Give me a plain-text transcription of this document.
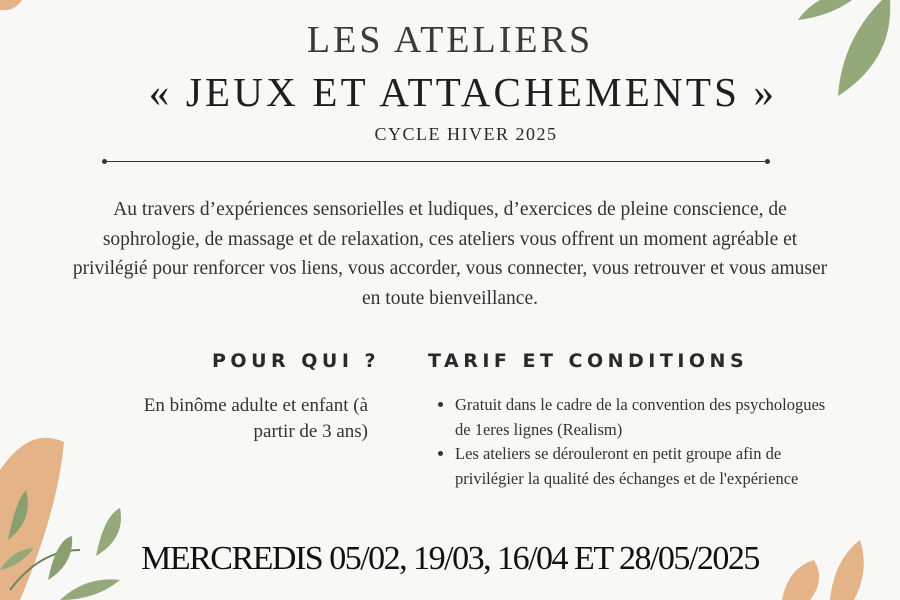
LES ATELIERS
« JEUX ET ATTACHEMENTS »
CYCLE HIVER 2025
Au travers d’expériences sensorielles et ludiques, d’exercices de pleine conscience, de sophrologie, de massage et de relaxation, ces ateliers vous offrent un moment agréable et privilégié pour renforcer vos liens, vous accorder, vous connecter, vous retrouver et vous amuser en toute bienveillance.
POUR QUI ?	TARIF ET CONDITIONS
En binôme adulte et enfant (à partir de 3 ans)
• Gratuit dans le cadre de la convention des psychologues de 1eres lignes (Realism)
• Les ateliers se dérouleront en petit groupe afin de privilégier la qualité des échanges et de l'expérience
MERCREDIS 05/02, 19/03, 16/04 ET 28/05/2025
